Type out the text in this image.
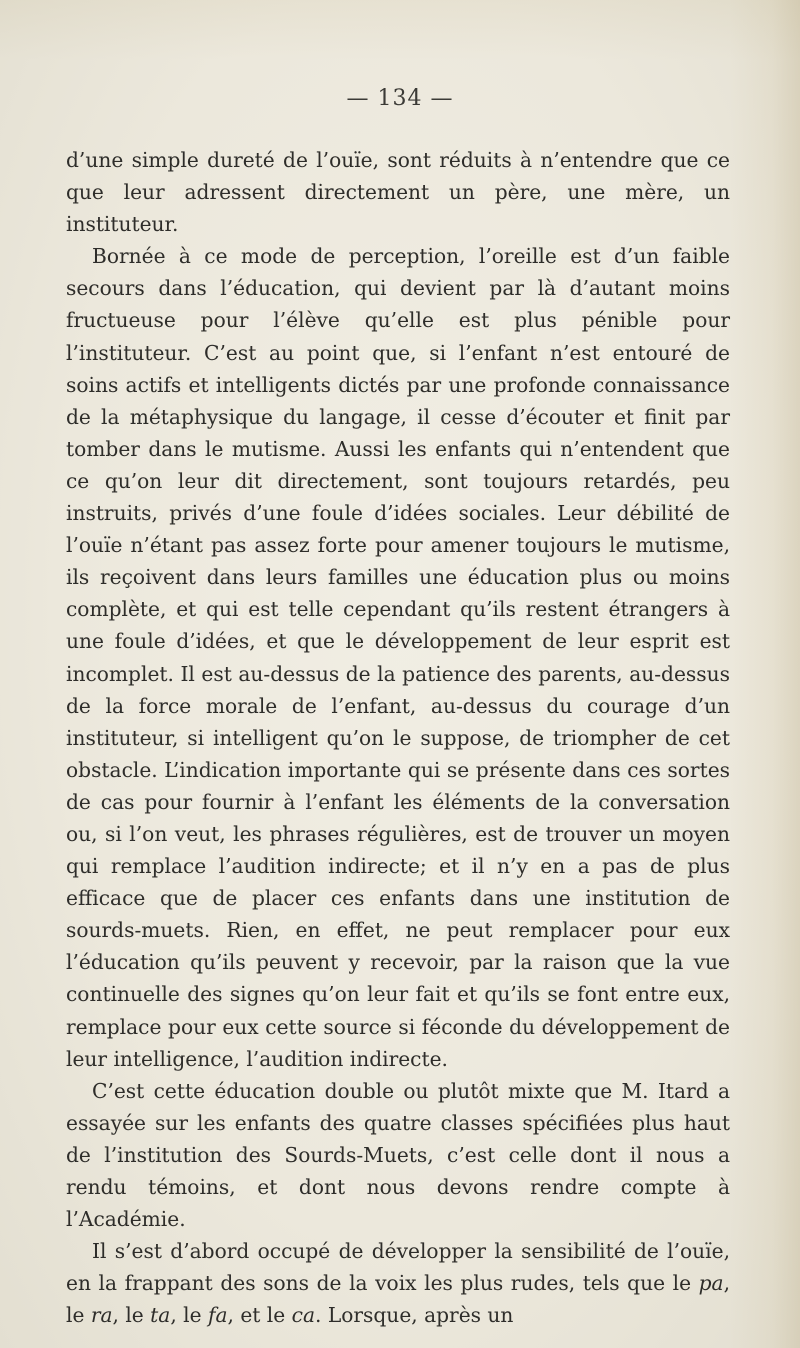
— 134 —

d’une simple dureté de l’ouïe, sont réduits à n’entendre que ce que leur adressent directement un père, une mère, un instituteur.

Bornée à ce mode de perception, l’oreille est d’un faible secours dans l’éducation, qui devient par là d’autant moins fructueuse pour l’élève qu’elle est plus pénible pour l’instituteur. C’est au point que, si l’enfant n’est entouré de soins actifs et intelligents dictés par une profonde connaissance de la métaphysique du langage, il cesse d’écouter et finit par tomber dans le mutisme. Aussi les enfants qui n’entendent que ce qu’on leur dit directement, sont toujours retardés, peu instruits, privés d’une foule d’idées sociales. Leur débilité de l’ouïe n’étant pas assez forte pour amener toujours le mutisme, ils reçoivent dans leurs familles une éducation plus ou moins complète, et qui est telle cependant qu’ils restent étrangers à une foule d’idées, et que le développement de leur esprit est incomplet. Il est au-dessus de la patience des parents, au-dessus de la force morale de l’enfant, au-dessus du courage d’un instituteur, si intelligent qu’on le suppose, de triompher de cet obstacle. L’indication importante qui se présente dans ces sortes de cas pour fournir à l’enfant les éléments de la conversation ou, si l’on veut, les phrases régulières, est de trouver un moyen qui remplace l’audition indirecte; et il n’y en a pas de plus efficace que de placer ces enfants dans une institution de sourds-muets. Rien, en effet, ne peut remplacer pour eux l’éducation qu’ils peuvent y recevoir, par la raison que la vue continuelle des signes qu’on leur fait et qu’ils se font entre eux, remplace pour eux cette source si féconde du développement de leur intelligence, l’audition indirecte.

C’est cette éducation double ou plutôt mixte que M. Itard a essayée sur les enfants des quatre classes spécifiées plus haut de l’institution des Sourds-Muets, c’est celle dont il nous a rendu témoins, et dont nous devons rendre compte à l’Académie.

Il s’est d’abord occupé de développer la sensibilité de l’ouïe, en la frappant des sons de la voix les plus rudes, tels que le pa, le ra, le ta, le fa, et le ca. Lorsque, après un
